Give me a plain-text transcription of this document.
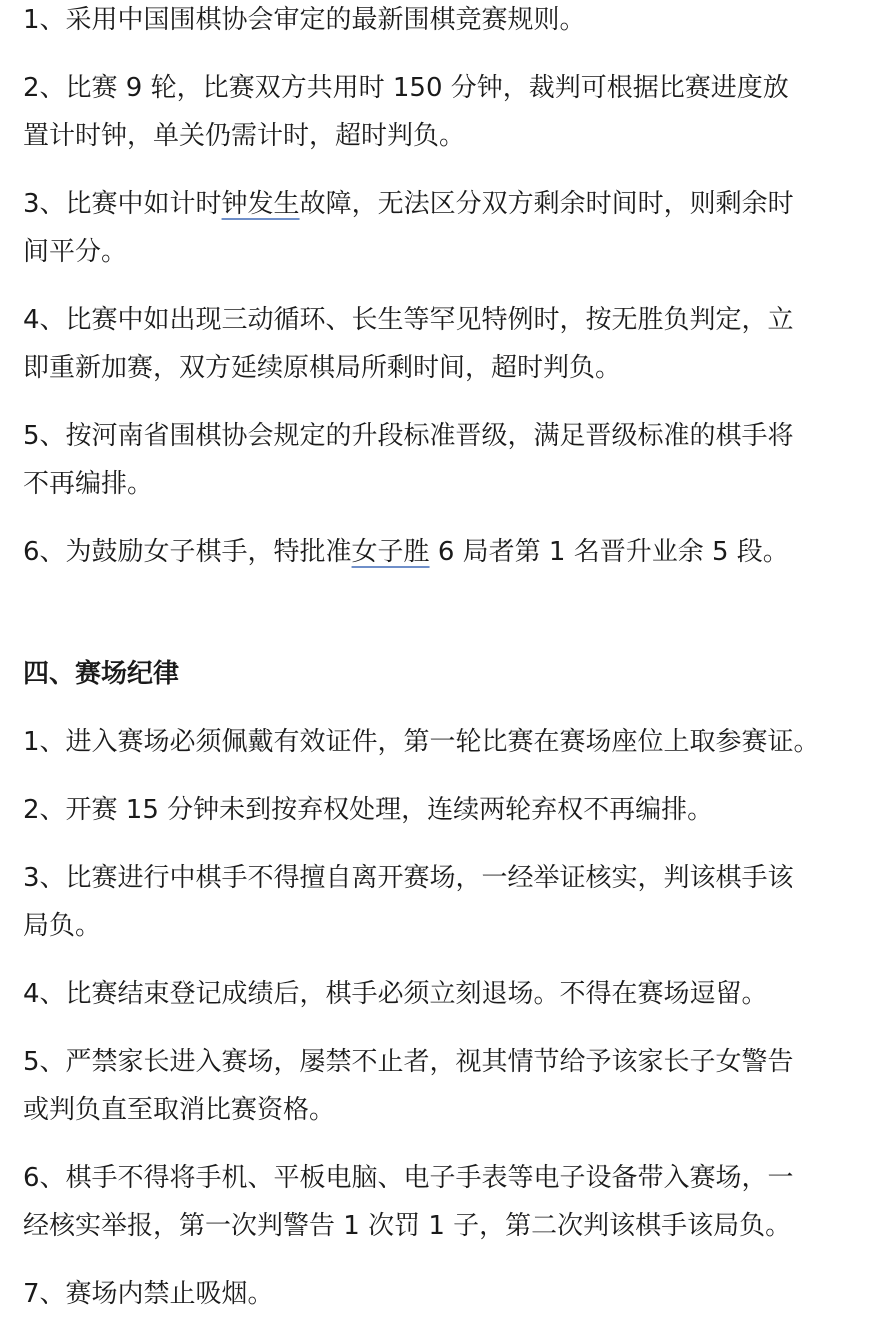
1、采用中国围棋协会审定的最新围棋竞赛规则。

2、比赛 9 轮，比赛双方共用时 150 分钟，裁判可根据比赛进度放
置计时钟，单关仍需计时，超时判负。

3、比赛中如计时钟发生故障，无法区分双方剩余时间时，则剩余时
间平分。

4、比赛中如出现三动循环、长生等罕见特例时，按无胜负判定，立
即重新加赛，双方延续原棋局所剩时间，超时判负。

5、按河南省围棋协会规定的升段标准晋级，满足晋级标准的棋手将
不再编排。

6、为鼓励女子棋手，特批准女子胜 6 局者第 1 名晋升业余 5 段。

四、赛场纪律

1、进入赛场必须佩戴有效证件，第一轮比赛在赛场座位上取参赛证。

2、开赛 15 分钟未到按弃权处理，连续两轮弃权不再编排。

3、比赛进行中棋手不得擅自离开赛场，一经举证核实，判该棋手该
局负。

4、比赛结束登记成绩后，棋手必须立刻退场。不得在赛场逗留。

5、严禁家长进入赛场，屡禁不止者，视其情节给予该家长子女警告
或判负直至取消比赛资格。

6、棋手不得将手机、平板电脑、电子手表等电子设备带入赛场，一
经核实举报，第一次判警告 1 次罚 1 子，第二次判该棋手该局负。

7、赛场内禁止吸烟。
